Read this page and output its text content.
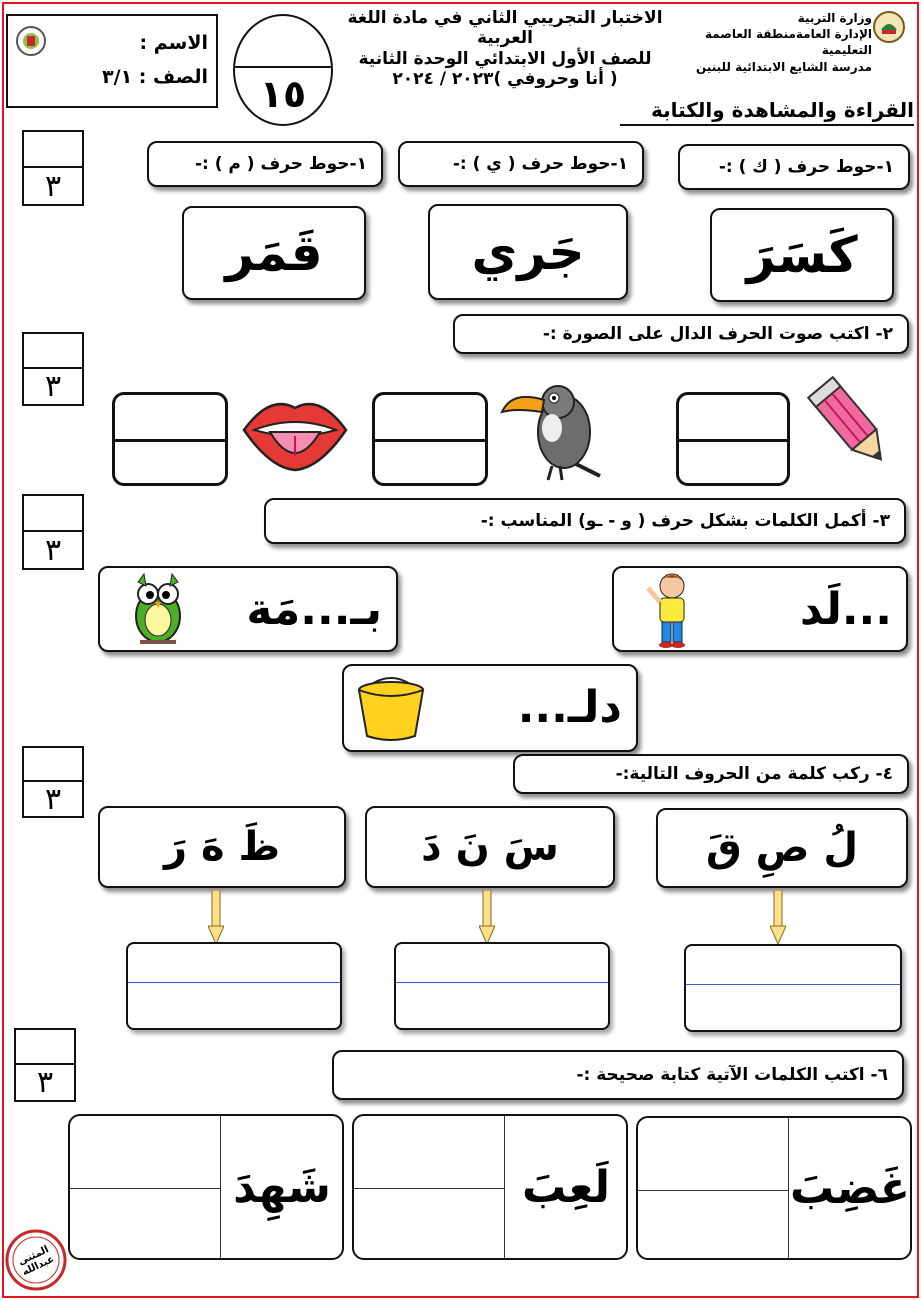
وزارة التربية
الإدارة العامةمنطقة العاصمة التعليمية
مدرسة الشايع الابتدائية للبنين
الاختبار التجريبي الثاني في مادة اللغة العربية
للصف الأول الابتدائي الوحدة الثانية
( أنا وحروفي )٢٠٢٣ / ٢٠٢٤
١٥
الاسم :
الصف : ٣/١
القراءة والمشاهدة والكتابة
٣
١-حوط حرف ( ك ) :-
١-حوط حرف ( ي ) :-
١-حوط حرف ( م ) :-
كَسَرَ
جَري
قَمَر
٣
٢- اكتب صوت الحرف الدال على الصورة :-
٣
٣- أكمل الكلمات بشكل حرف ( و - ـو) المناسب :-
...لَد
بـ...مَة
دلـ...
٣
٤- ركب كلمة من الحروف التالية:-
لُ صِ قَ
سَ نَ دَ
ظَ هَ رَ
٣	٦- اكتب الكلمات الآتية كتابة صحيحة :-
غَضِبَ
لَعِبَ
شَهِدَ
المثنى عبدالله
